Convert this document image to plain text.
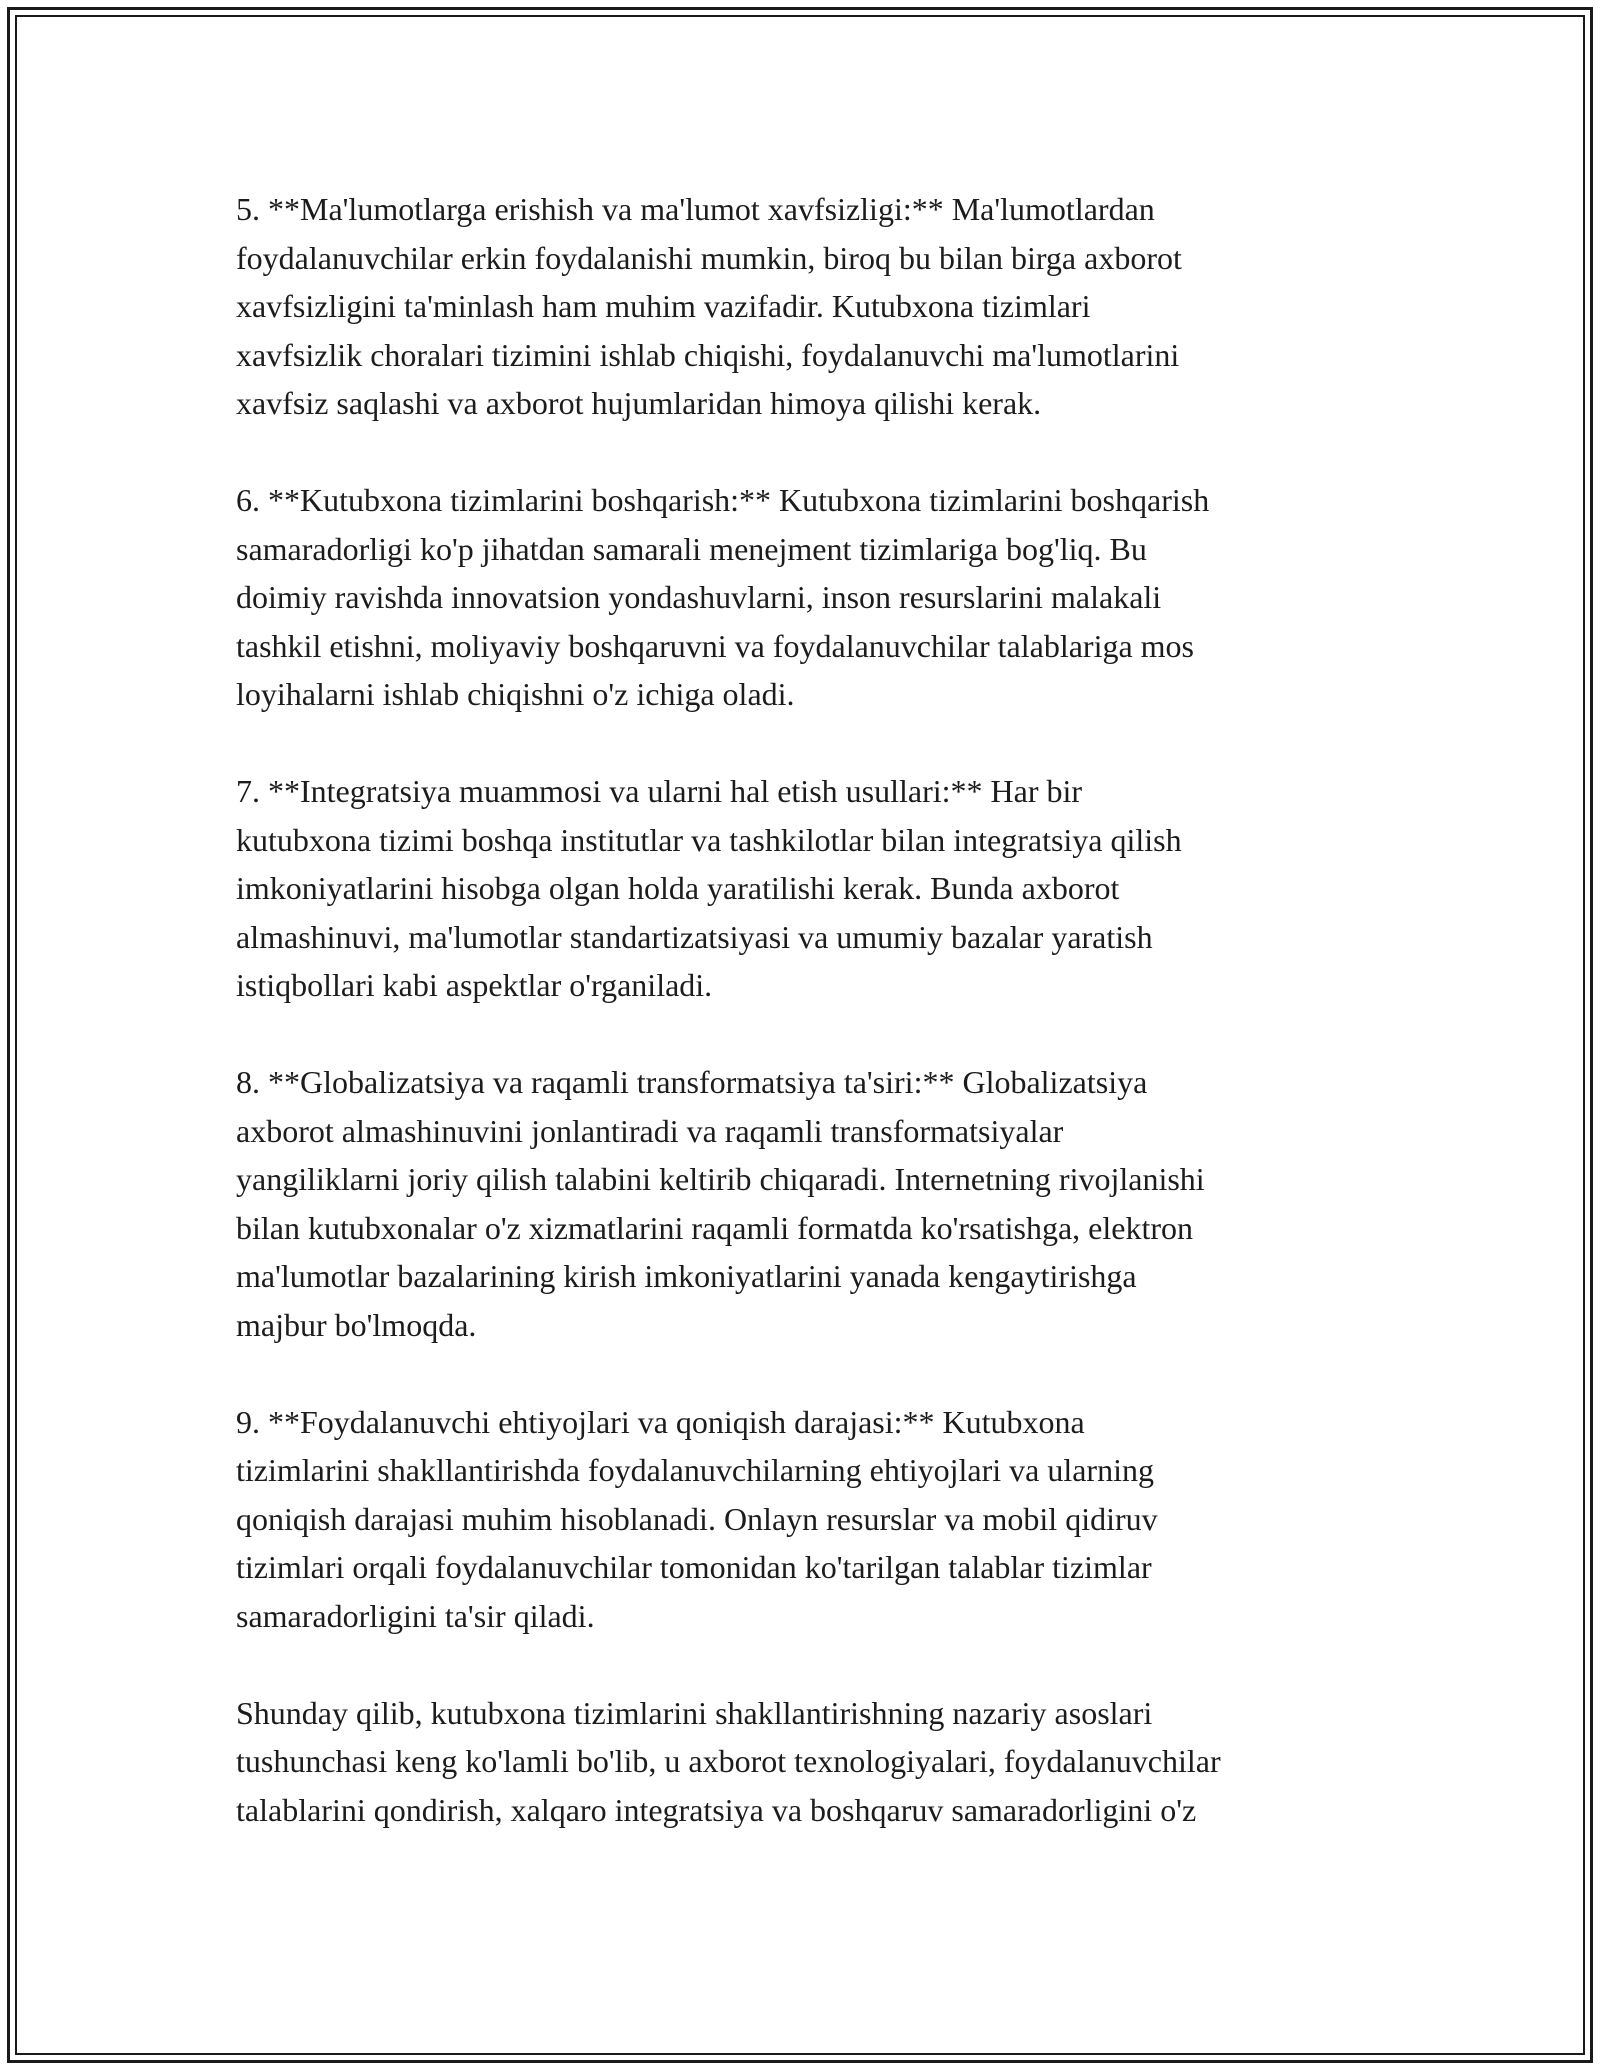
5. **Ma'lumotlarga erishish va ma'lumot xavfsizligi:** Ma'lumotlardan
foydalanuvchilar erkin foydalanishi mumkin, biroq bu bilan birga axborot
xavfsizligini ta'minlash ham muhim vazifadir. Kutubxona tizimlari
xavfsizlik choralari tizimini ishlab chiqishi, foydalanuvchi ma'lumotlarini
xavfsiz saqlashi va axborot hujumlaridan himoya qilishi kerak.

6. **Kutubxona tizimlarini boshqarish:** Kutubxona tizimlarini boshqarish
samaradorligi ko'p jihatdan samarali menejment tizimlariga bog'liq. Bu
doimiy ravishda innovatsion yondashuvlarni, inson resurslarini malakali
tashkil etishni, moliyaviy boshqaruvni va foydalanuvchilar talablariga mos
loyihalarni ishlab chiqishni o'z ichiga oladi.

7. **Integratsiya muammosi va ularni hal etish usullari:** Har bir
kutubxona tizimi boshqa institutlar va tashkilotlar bilan integratsiya qilish
imkoniyatlarini hisobga olgan holda yaratilishi kerak. Bunda axborot
almashinuvi, ma'lumotlar standartizatsiyasi va umumiy bazalar yaratish
istiqbollari kabi aspektlar o'rganiladi.

8. **Globalizatsiya va raqamli transformatsiya ta'siri:** Globalizatsiya
axborot almashinuvini jonlantiradi va raqamli transformatsiyalar
yangiliklarni joriy qilish talabini keltirib chiqaradi. Internetning rivojlanishi
bilan kutubxonalar o'z xizmatlarini raqamli formatda ko'rsatishga, elektron
ma'lumotlar bazalarining kirish imkoniyatlarini yanada kengaytirishga
majbur bo'lmoqda.

9. **Foydalanuvchi ehtiyojlari va qoniqish darajasi:** Kutubxona
tizimlarini shakllantirishda foydalanuvchilarning ehtiyojlari va ularning
qoniqish darajasi muhim hisoblanadi. Onlayn resurslar va mobil qidiruv
tizimlari orqali foydalanuvchilar tomonidan ko'tarilgan talablar tizimlar
samaradorligini ta'sir qiladi.

Shunday qilib, kutubxona tizimlarini shakllantirishning nazariy asoslari
tushunchasi keng ko'lamli bo'lib, u axborot texnologiyalari, foydalanuvchilar
talablarini qondirish, xalqaro integratsiya va boshqaruv samaradorligini o'z
